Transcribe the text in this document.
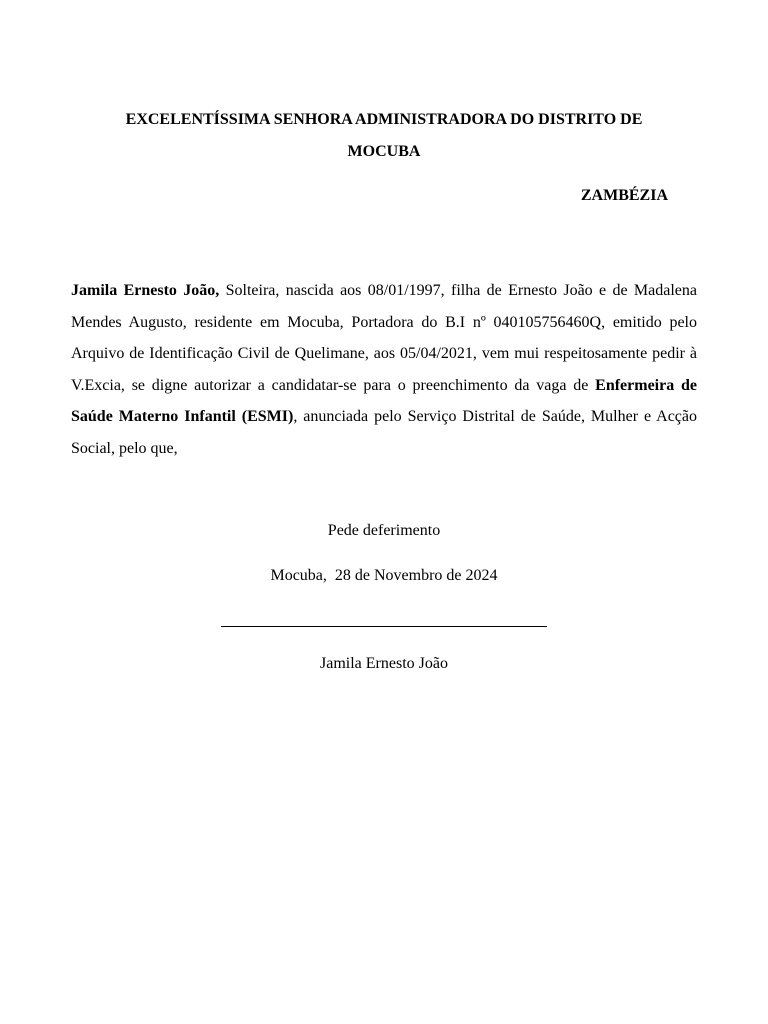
EXCELENTÍSSIMA SENHORA ADMINISTRADORA DO DISTRITO DE
MOCUBA
ZAMBÉZIA
Jamila Ernesto João, Solteira, nascida aos 08/01/1997, filha de Ernesto João e de Madalena Mendes Augusto, residente em Mocuba, Portadora do B.I nº 040105756460Q, emitido pelo Arquivo de Identificação Civil de Quelimane, aos 05/04/2021, vem mui respeitosamente pedir à V.Excia, se digne autorizar a candidatar-se para o preenchimento da vaga de Enfermeira de Saúde Materno Infantil (ESMI), anunciada pelo Serviço Distrital de Saúde, Mulher e Acção Social, pelo que,
Pede deferimento
Mocuba,  28 de Novembro de 2024
Jamila Ernesto João
